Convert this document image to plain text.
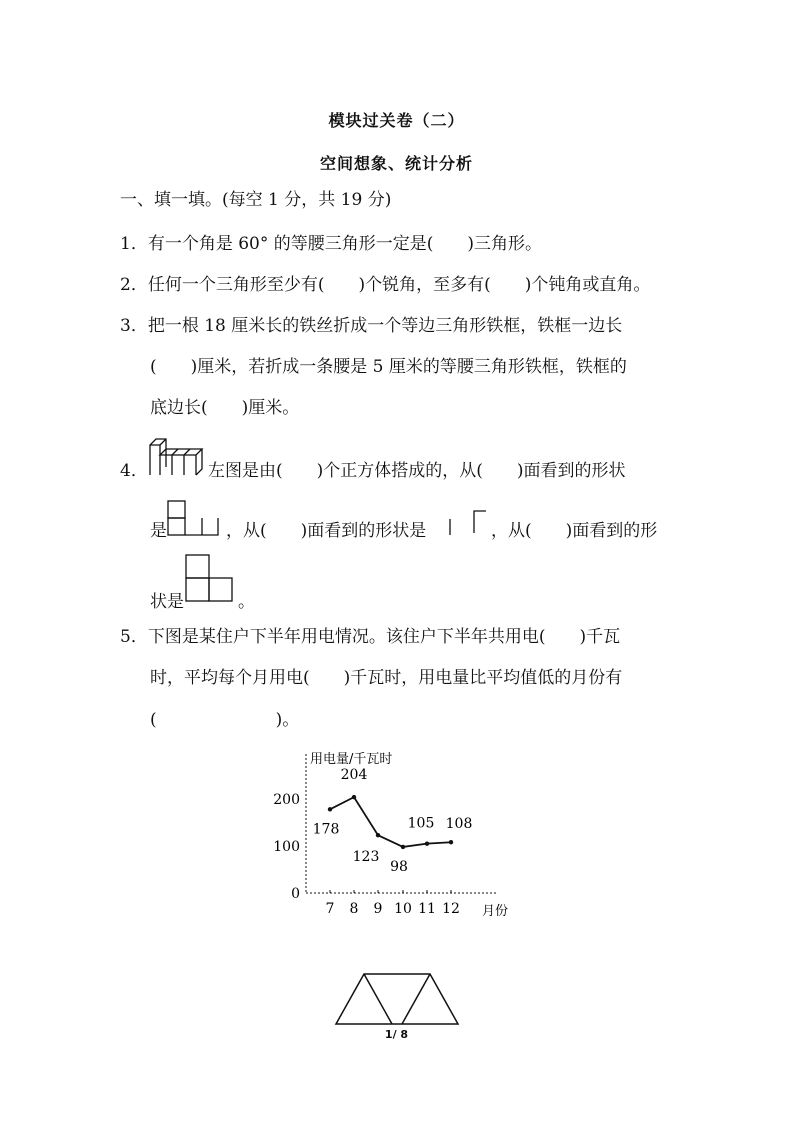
模块过关卷（二）
空间想象、统计分析
一、填一填。(每空 1 分，共 19 分)
1．有一个角是 60° 的等腰三角形一定是(　　)三角形。
2．任何一个三角形至少有(　　)个锐角，至多有(　　)个钝角或直角。
3．把一根 18 厘米长的铁丝折成一个等边三角形铁框，铁框一边长
(　　)厘米，若折成一条腰是 5 厘米的等腰三角形铁框，铁框的
底边长(　　)厘米。
4．	左图是由(　　)个正方体搭成的，从(　　)面看到的形状
是	，从(　　)面看到的形状是	，从(　　)面看到的形
状是	。
5．下图是某住户下半年用电情况。该住户下半年共用电(　　)千瓦
时，平均每个月用电(　　)千瓦时，用电量比平均值低的月份有
(　　　　　　　)。
用电量/千瓦时
月份
0
100
200
7 8 9 10 11 12
178
204
123
98
105 108
1/ 8
